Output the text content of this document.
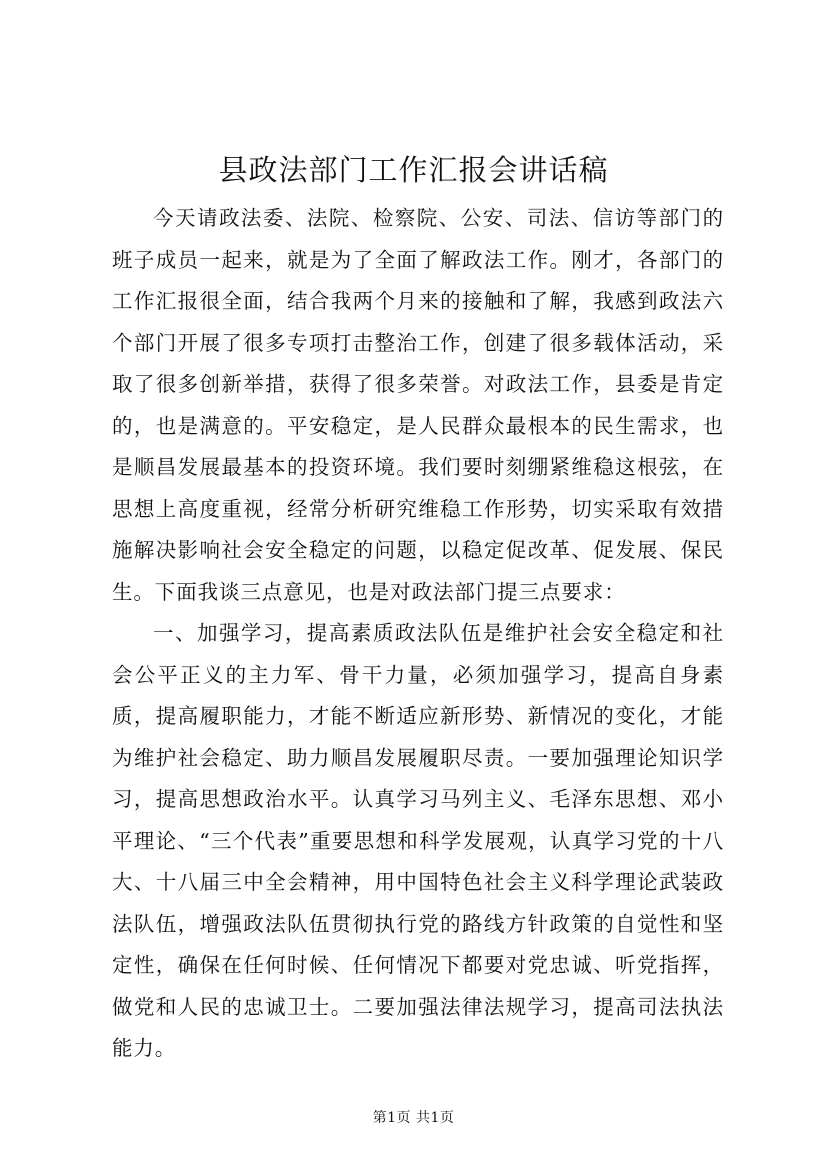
县政法部门工作汇报会讲话稿

今天请政法委、法院、检察院、公安、司法、信访等部门的班子成员一起来，就是为了全面了解政法工作。刚才，各部门的工作汇报很全面，结合我两个月来的接触和了解，我感到政法六个部门开展了很多专项打击整治工作，创建了很多载体活动，采取了很多创新举措，获得了很多荣誉。对政法工作，县委是肯定的，也是满意的。平安稳定，是人民群众最根本的民生需求，也是顺昌发展最基本的投资环境。我们要时刻绷紧维稳这根弦，在思想上高度重视，经常分析研究维稳工作形势，切实采取有效措施解决影响社会安全稳定的问题，以稳定促改革、促发展、保民生。下面我谈三点意见，也是对政法部门提三点要求：

一、加强学习，提高素质政法队伍是维护社会安全稳定和社会公平正义的主力军、骨干力量，必须加强学习，提高自身素质，提高履职能力，才能不断适应新形势、新情况的变化，才能为维护社会稳定、助力顺昌发展履职尽责。一要加强理论知识学习，提高思想政治水平。认真学习马列主义、毛泽东思想、邓小平理论、“三个代表”重要思想和科学发展观，认真学习党的十八大、十八届三中全会精神，用中国特色社会主义科学理论武装政法队伍，增强政法队伍贯彻执行党的路线方针政策的自觉性和坚定性，确保在任何时候、任何情况下都要对党忠诚、听党指挥，做党和人民的忠诚卫士。二要加强法律法规学习，提高司法执法能力。

第1页 共1页
